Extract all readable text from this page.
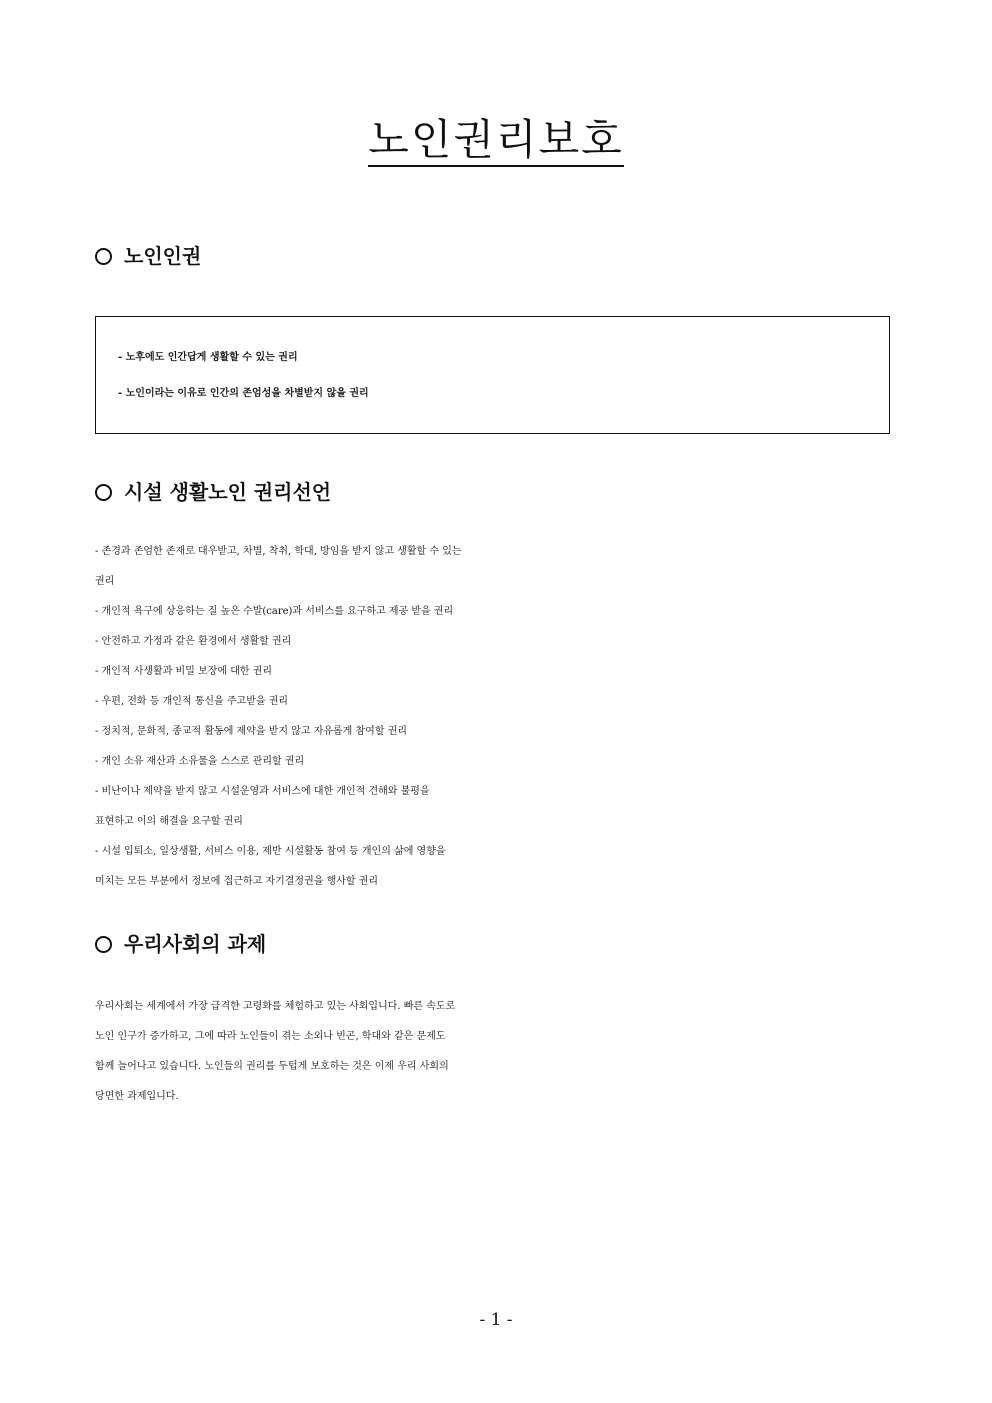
노인권리보호
노인인권
- 노후에도 인간답게 생활할 수 있는 권리
- 노인이라는 이유로 인간의 존엄성을 차별받지 않을 권리
시설 생활노인 권리선언
- 존경과 존엄한 존재로 대우받고, 차별, 착취, 학대, 방임을 받지 않고 생활할 수 있는
권리
- 개인적 욕구에 상응하는 질 높은 수발(care)과 서비스를 요구하고 제공 받을 권리
- 안전하고 가정과 같은 환경에서 생활할 권리
- 개인적 사생활과 비밀 보장에 대한 권리
- 우편, 전화 등 개인적 통신을 주고받을 권리
- 정치적, 문화적, 종교적 활동에 제약을 받지 않고 자유롭게 참여할 권리
- 개인 소유 재산과 소유물을 스스로 관리할 권리
- 비난이나 제약을 받지 않고 시설운영과 서비스에 대한 개인적 견해와 불평을
표현하고 이의 해결을 요구할 권리
- 시설 입퇴소, 일상생활, 서비스 이용, 제반 시설활동 참여 등 개인의 삶에 영향을
미치는 모든 부분에서 정보에 접근하고 자기결정권을 행사할 권리
우리사회의 과제
우리사회는 세계에서 가장 급격한 고령화를 체험하고 있는 사회입니다. 빠른 속도로
노인 인구가 증가하고, 그에 따라 노인들이 겪는 소외나 빈곤, 학대와 같은 문제도
함께 늘어나고 있습니다. 노인들의 권리를 두텁게 보호하는 것은 이제 우리 사회의
당면한 과제입니다.
- 1 -
